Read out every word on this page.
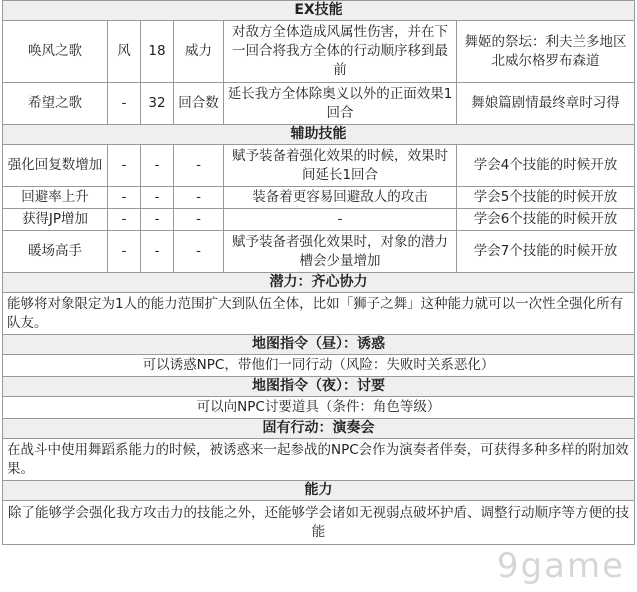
EX技能					
唤风之歌	风	18	威力	对敌方全体造成风属性伤害，并在下一回合将我方全体的行动顺序移到最前	舞姬的祭坛：利夫兰多地区 北威尔格罗布森道
希望之歌	-	32	回合数	延长我方全体除奥义以外的正面效果1回合	舞娘篇剧情最终章时习得
辅助技能					
强化回复数增加	-	-	-	赋予装备着强化效果的时候，效果时间延长1回合	学会4个技能的时候开放
回避率上升	-	-	-	装备着更容易回避敌人的攻击	学会5个技能的时候开放
获得JP增加	-	-	-	-	学会6个技能的时候开放
暖场高手	-	-	-	赋予装备者强化效果时，对象的潜力槽会少量增加	学会7个技能的时候开放
潜力：齐心协力					
能够将对象限定为1人的能力范围扩大到队伍全体，比如「狮子之舞」这种能力就可以一次性全强化所有队友。					
地图指令（昼）：诱惑					
可以诱惑NPC，带他们一同行动（风险：失败时关系恶化）					
地图指令（夜）：讨要					
可以向NPC讨要道具（条件：角色等级）					
固有行动：演奏会					
在战斗中使用舞蹈系能力的时候，被诱惑来一起参战的NPC会作为演奏者伴奏，可获得多种多样的附加效果。					
能力					
除了能够学会强化我方攻击力的技能之外，还能够学会诸如无视弱点破坏护盾、调整行动顺序等方便的技能					
9game
